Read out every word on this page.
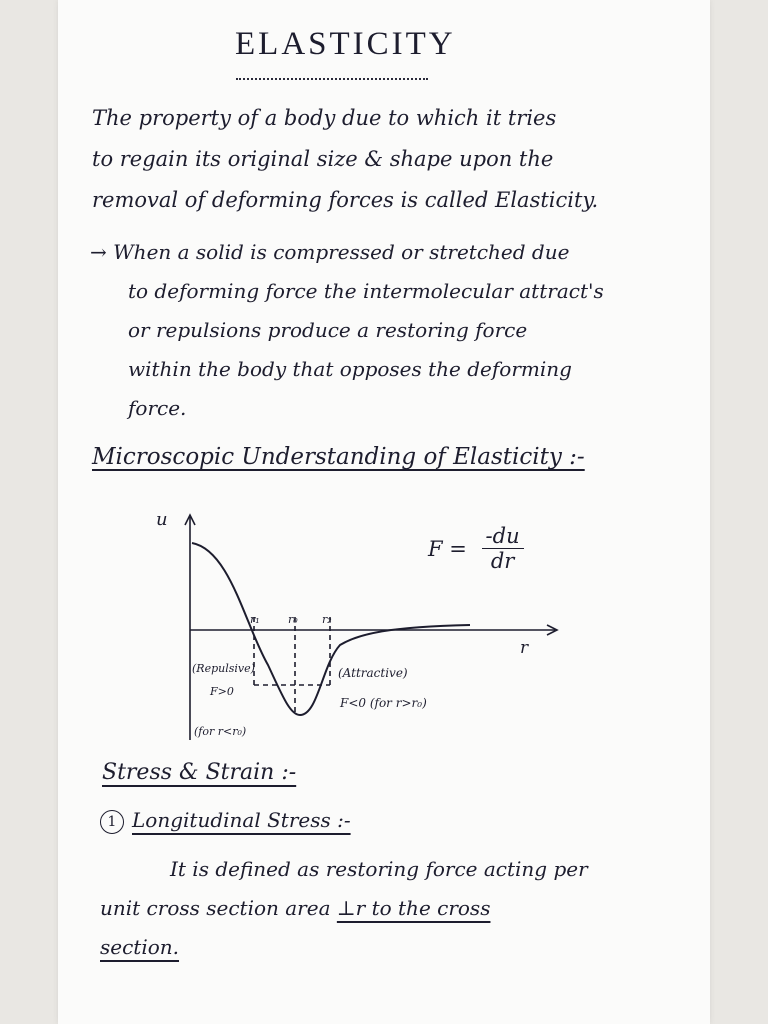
ELASTICITY
The property of a body due to which it tries
to regain its original size & shape upon the
removal of deforming forces is called Elasticity.
→ When a solid is compressed or stretched due
to deforming force the intermolecular attract's
or repulsions produce a restoring force
within the body that opposes the deforming
force.
Microscopic Understanding of Elasticity :-
$F = \frac{-du}{dr}$
u
r
r₁	r₀ r₂
(Repulsive)
F>0
(for r<r₀)
(Attractive)
F<0 (for r>r₀)
Stress & Strain :-
1 Longitudinal Stress :-
It is defined as restoring force acting per
unit cross section area ⊥r to the cross
section.
